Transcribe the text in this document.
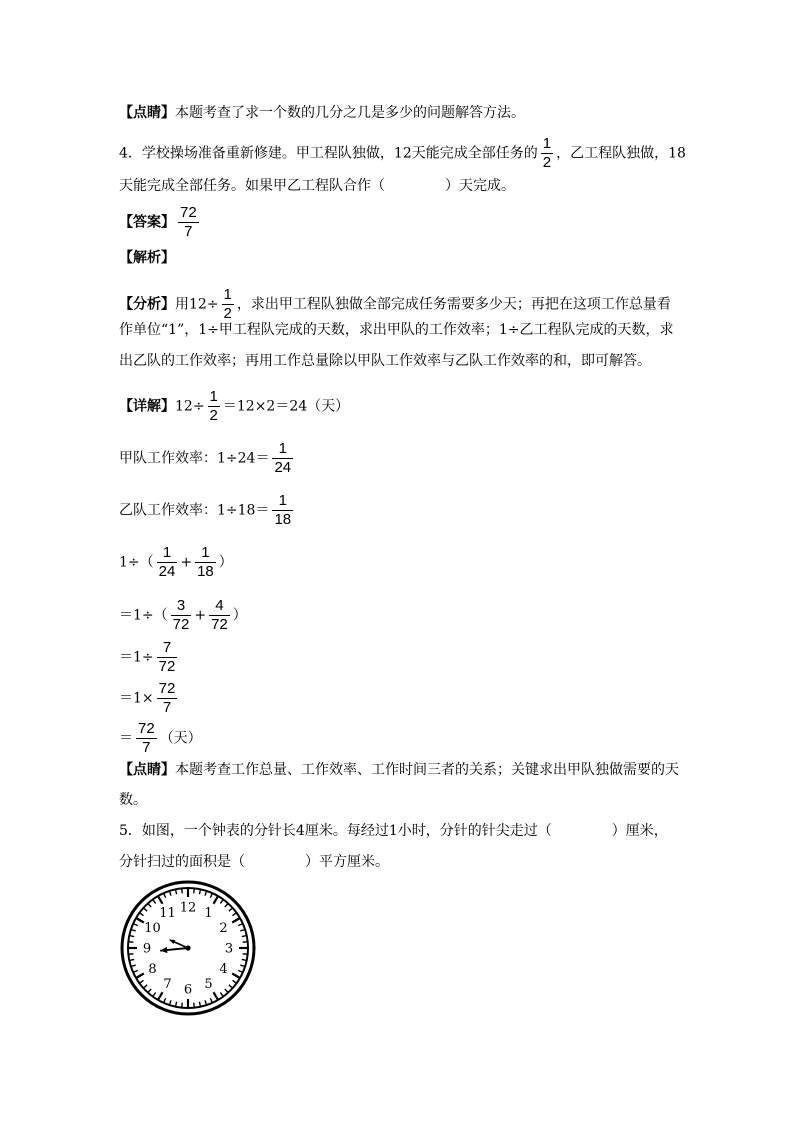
【点睛】本题考查了求一个数的几分之几是多少的问题解答方法。
4．学校操场准备重新修建。甲工程队独做，12天能完成全部任务的 $\frac{1}{2}$ ，乙工程队独做，18
天能完成全部任务。如果甲乙工程队合作（	）天完成。
【答案】 $\frac{72}{7}$
【解析】
【分析】用$12\div \frac{1}{2}$ ，求出甲工程队独做全部完成任务需要多少天；再把在这项工作总量看
作单位“1”，1÷甲工程队完成的天数，求出甲队的工作效率；1÷乙工程队完成的天数，求
出乙队的工作效率；再用工作总量除以甲队工作效率与乙队工作效率的和，即可解答。
【详解】$12\div \frac{1}{2} =12\times 2=24$（天）
甲队工作效率：$1\div 24= \frac{1}{24}$
乙队工作效率：$1\div 18= \frac{1}{18}$
$1\div( \frac{1}{24} + \frac{1}{18}$ ）
$=1\div( \frac{3}{72} + \frac{4}{72}$ ）
$=1\div \frac{7}{72}$
$=1\times \frac{72}{7}$
＝ $\frac{72}{7}$ （天）
【点睛】本题考查工作总量、工作效率、工作时间三者的关系；关键求出甲队独做需要的天
数。
5．如图，一个钟表的分针长4厘米。每经过1小时，分针的针尖走过（	）厘米，
分针扫过的面积是（	）平方厘米。
12 1
2
3
4
5
6
7
8
9
10
11
